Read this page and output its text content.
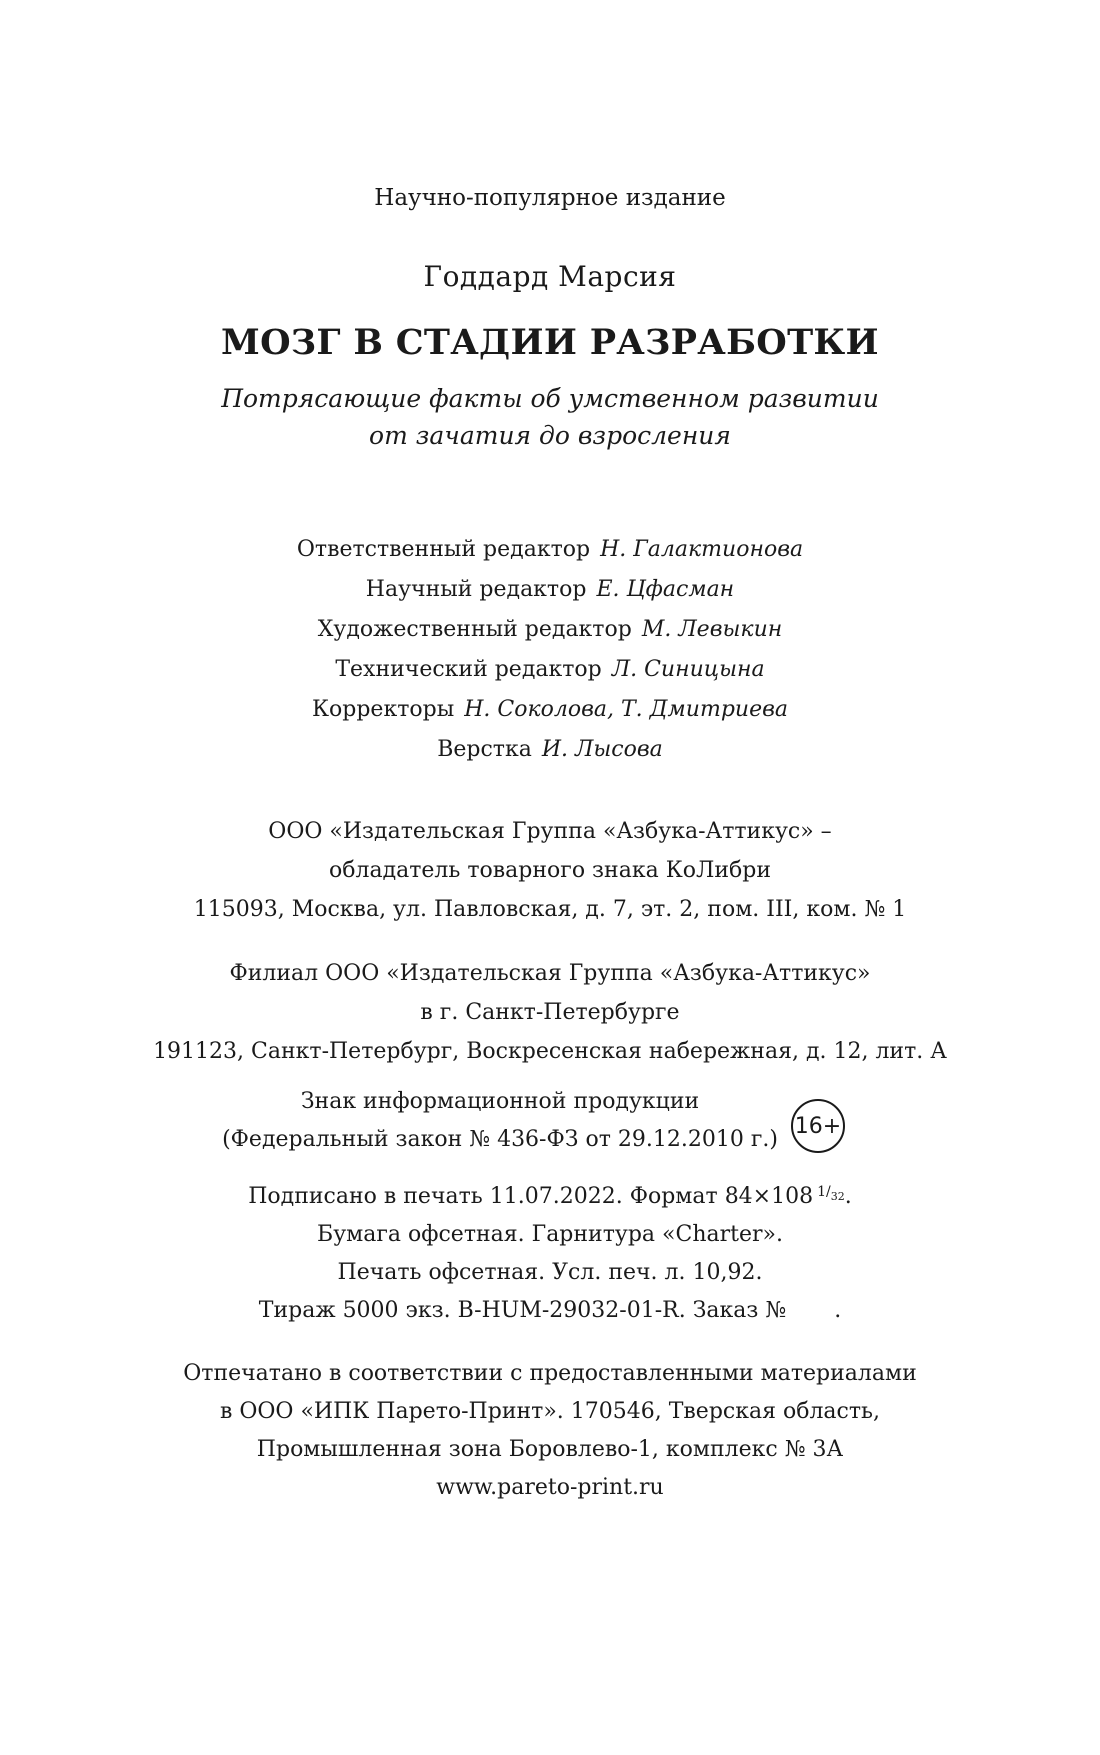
Научно-популярное издание
Годдард Марсия
МОЗГ В СТАДИИ РАЗРАБОТКИ
Потрясающие факты об умственном развитии
от зачатия до взросления
Ответственный редактор Н. Галактионова
Научный редактор Е. Цфасман
Художественный редактор М. Левыкин
Технический редактор Л. Синицына
Корректоры Н. Соколова, Т. Дмитриева
Верстка И. Лысова
ООО «Издательская Группа «Азбука-Аттикус» –
обладатель товарного знака КоЛибри
115093, Москва, ул. Павловская, д. 7, эт. 2, пом. III, ком. № 1
Филиал ООО «Издательская Группа «Азбука-Аттикус»
в г. Санкт-Петербурге
191123, Санкт-Петербург, Воскресенская набережная, д. 12, лит. А
Знак информационной продукции
(Федеральный закон № 436-ФЗ от 29.12.2010 г.)
16+
Подписано в печать 11.07.2022. Формат 84×108 $1/_{32}$.
Бумага офсетная. Гарнитура «Charter».
Печать офсетная. Усл. печ. л. 10,92.
Тираж 5000 экз. B-HUM-29032-01-R. Заказ № .
Отпечатано в соответствии с предоставленными материалами
в ООО «ИПК Парето-Принт». 170546, Тверская область,
Промышленная зона Боровлево-1, комплекс № 3А
www.pareto-print.ru
